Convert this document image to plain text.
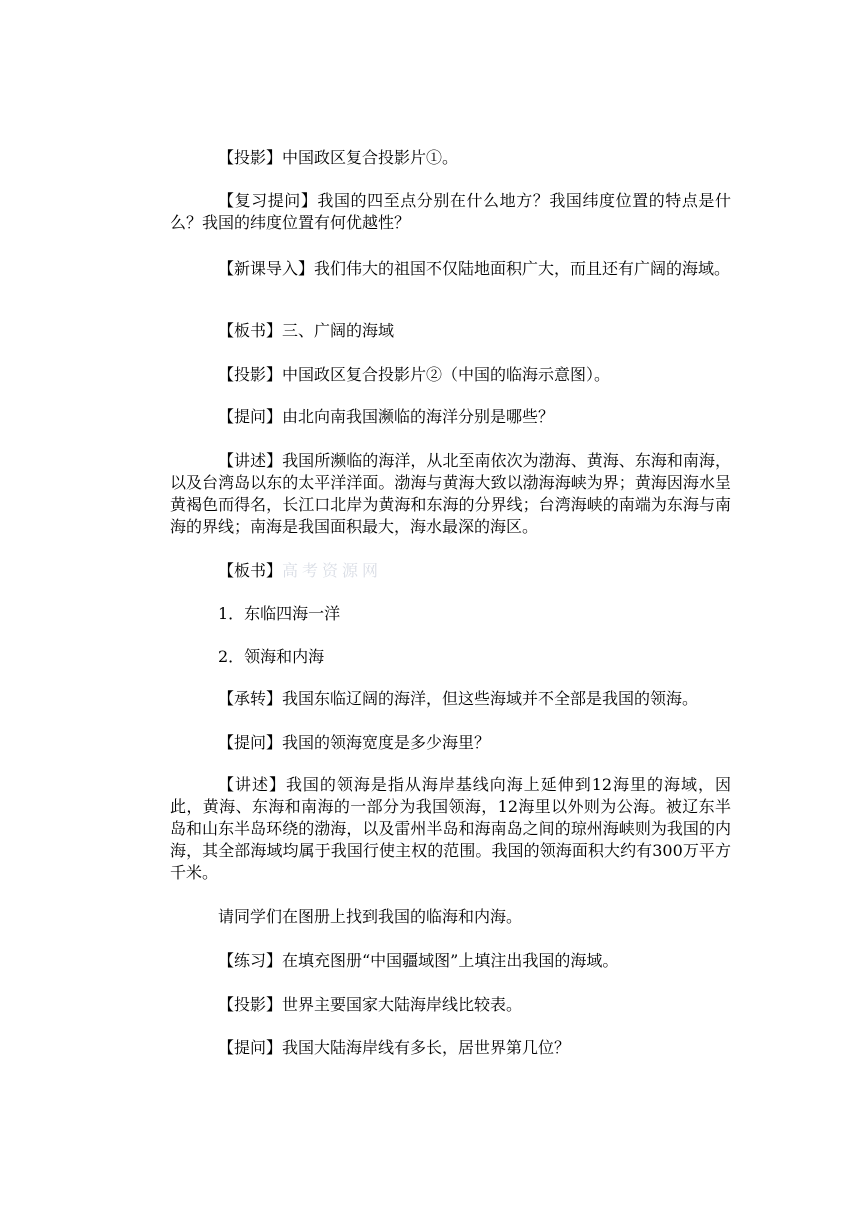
【投影】中国政区复合投影片①。

【复习提问】我国的四至点分别在什么地方？我国纬度位置的特点是什么？我国的纬度位置有何优越性？

【新课导入】我们伟大的祖国不仅陆地面积广大，而且还有广阔的海域。

【板书】三、广阔的海域

【投影】中国政区复合投影片②（中国的临海示意图）。

【提问】由北向南我国濒临的海洋分别是哪些？

【讲述】我国所濒临的海洋，从北至南依次为渤海、黄海、东海和南海，以及台湾岛以东的太平洋洋面。渤海与黄海大致以渤海海峡为界；黄海因海水呈黄褐色而得名，长江口北岸为黄海和东海的分界线；台湾海峡的南端为东海与南海的界线；南海是我国面积最大，海水最深的海区。

【板书】高考资源网

1．东临四海一洋

2．领海和内海

【承转】我国东临辽阔的海洋，但这些海域并不全部是我国的领海。

【提问】我国的领海宽度是多少海里？

【讲述】我国的领海是指从海岸基线向海上延伸到12海里的海域，因此，黄海、东海和南海的一部分为我国领海，12海里以外则为公海。被辽东半岛和山东半岛环绕的渤海，以及雷州半岛和海南岛之间的琼州海峡则为我国的内海，其全部海域均属于我国行使主权的范围。我国的领海面积大约有300万平方千米。

请同学们在图册上找到我国的临海和内海。

【练习】在填充图册“中国疆域图”上填注出我国的海域。

【投影】世界主要国家大陆海岸线比较表。

【提问】我国大陆海岸线有多长，居世界第几位？
